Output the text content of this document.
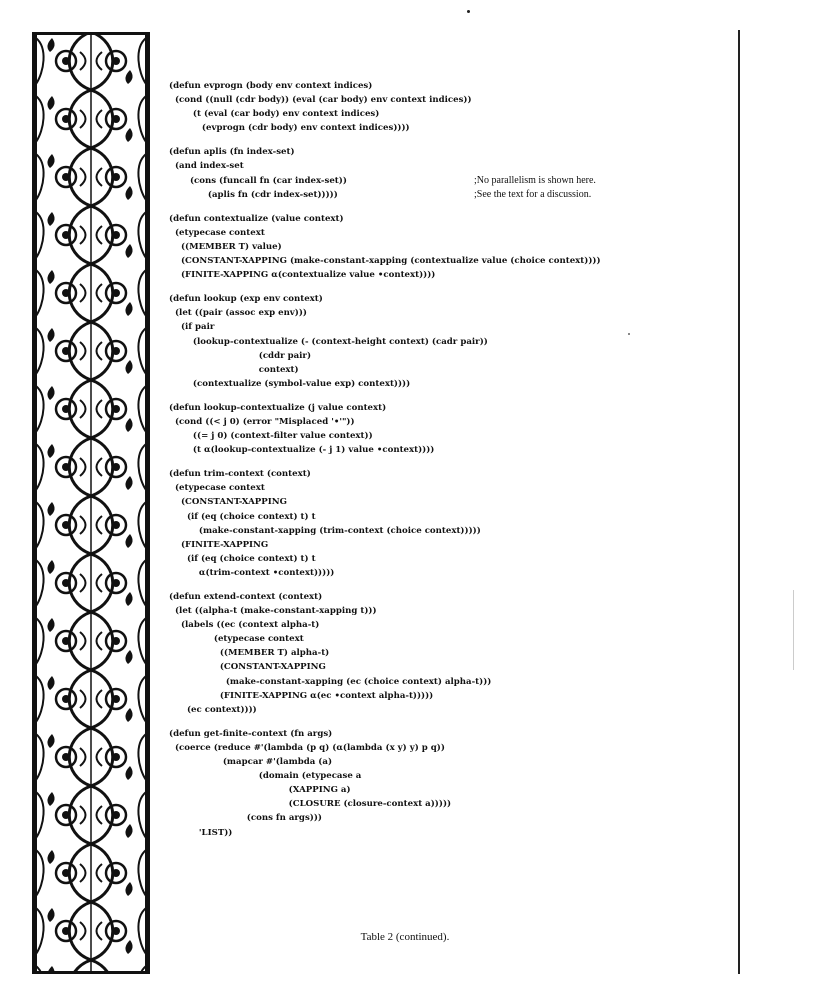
(defun evprogn (body env context indices)
(cond ((null (cdr body)) (eval (car body) env context indices))
(t (eval (car body) env context indices)
(evprogn (cdr body) env context indices))))
(defun aplis (fn index-set)
(and index-set
(cons (funcall fn (car index-set))	;No parallelism is shown here.
(aplis fn (cdr index-set)))))	;See the text for a discussion.
(defun contextualize (value context)
(etypecase context
((MEMBER T) value)
(CONSTANT-XAPPING (make-constant-xapping (contextualize value (choice context))))
(FINITE-XAPPING α(contextualize value •context))))
(defun lookup (exp env context)
(let ((pair (assoc exp env)))
(if pair
(lookup-contextualize (- (context-height context) (cadr pair))
(cddr pair)
context)
(contextualize (symbol-value exp) context))))
(defun lookup-contextualize (j value context)
(cond ((< j 0) (error "Misplaced '•'"))
((= j 0) (context-filter value context))
(t α(lookup-contextualize (- j 1) value •context))))
(defun trim-context (context)
(etypecase context
(CONSTANT-XAPPING
(if (eq (choice context) t) t
(make-constant-xapping (trim-context (choice context)))))
(FINITE-XAPPING
(if (eq (choice context) t) t
α(trim-context •context)))))
(defun extend-context (context)
(let ((alpha-t (make-constant-xapping t)))
(labels ((ec (context alpha-t)
(etypecase context
((MEMBER T) alpha-t)
(CONSTANT-XAPPING
(make-constant-xapping (ec (choice context) alpha-t)))
(FINITE-XAPPING α(ec •context alpha-t)))))
(ec context))))
(defun get-finite-context (fn args)
(coerce (reduce #'(lambda (p q) (α(lambda (x y) y) p q))
(mapcar #'(lambda (a)
(domain (etypecase a
(XAPPING a)
(CLOSURE (closure-context a)))))
(cons fn args)))
'LIST))
Table 2 (continued).
